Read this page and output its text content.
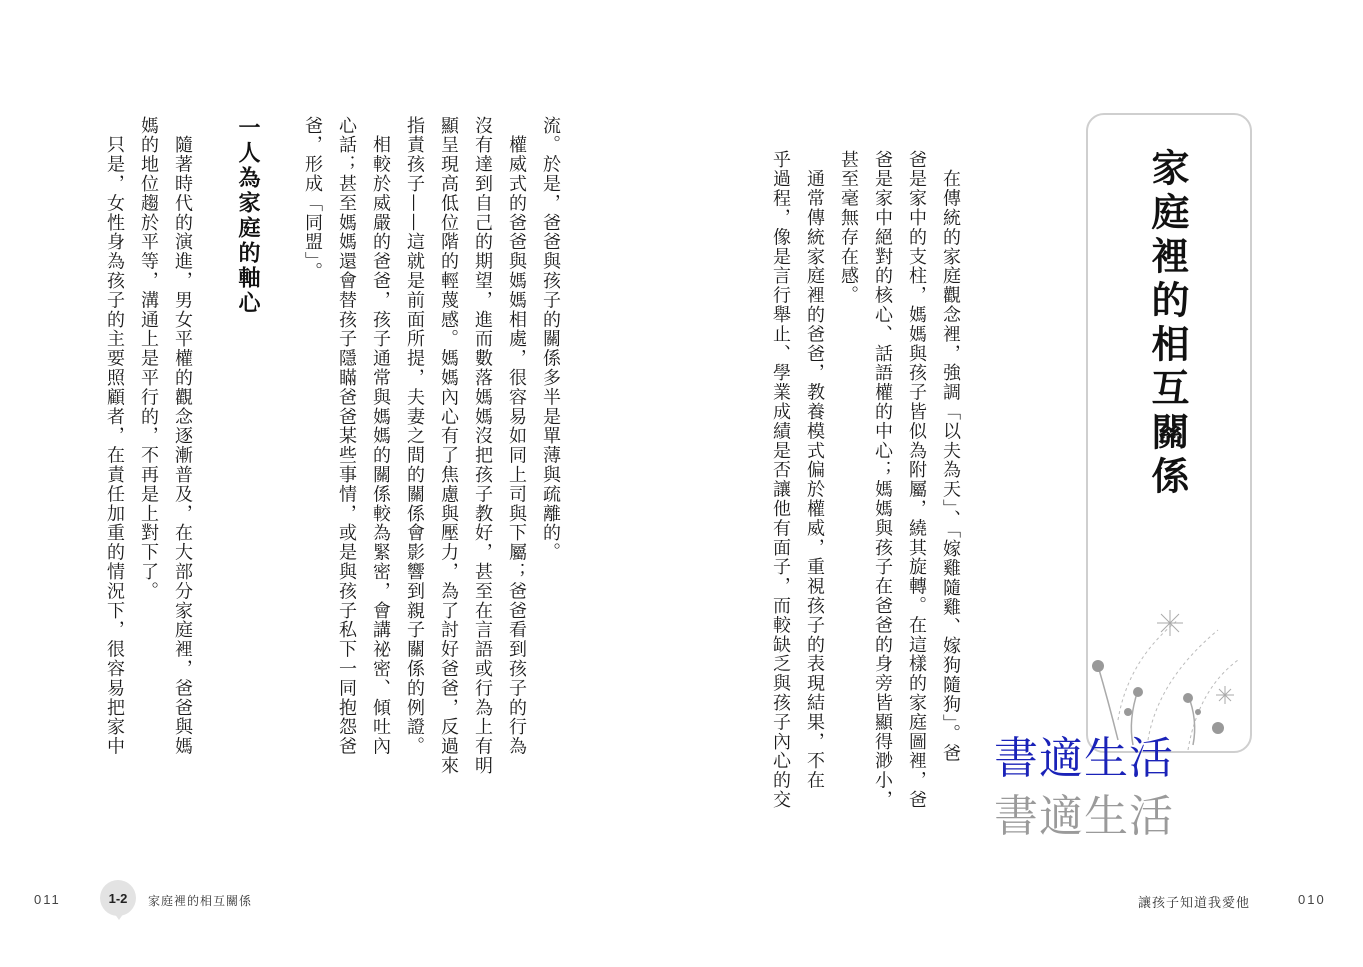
家庭裡的相互關係

　在傳統的家庭觀念裡，強調「以夫為天」、「嫁雞隨雞、嫁狗隨狗」。爸

爸是家中的支柱，媽媽與孩子皆似為附屬，繞其旋轉。在這樣的家庭圖裡，爸

爸是家中絕對的核心、話語權的中心；媽媽與孩子在爸爸的身旁皆顯得渺小，

甚至毫無存在感。

　通常傳統家庭裡的爸爸，教養模式偏於權威，重視孩子的表現結果，不在

乎過程，像是言行舉止、學業成績是否讓他有面子，而較缺乏與孩子內心的交	書適生活
書適生活
讓孩子知道我愛他	010

流。於是，爸爸與孩子的關係多半是單薄與疏離的。

　權威式的爸爸與媽媽相處，很容易如同上司與下屬；爸爸看到孩子的行為

沒有達到自己的期望，進而數落媽媽沒把孩子教好，甚至在言語或行為上有明

顯呈現高低位階的輕蔑感。媽媽內心有了焦慮與壓力，為了討好爸爸，反過來

指責孩子——這就是前面所提，夫妻之間的關係會影響到親子關係的例證。

　相較於威嚴的爸爸，孩子通常與媽媽的關係較為緊密，會講祕密、傾吐內

心話；甚至媽媽還會替孩子隱瞞爸爸某些事情，或是與孩子私下一同抱怨爸

爸，形成「同盟」。

一人為家庭的軸心

　隨著時代的演進，男女平權的觀念逐漸普及，在大部分家庭裡，爸爸與媽

媽的地位趨於平等，溝通上是平行的，不再是上對下了。

　只是，女性身為孩子的主要照顧者，在責任加重的情況下，很容易把家中

011	1-2	家庭裡的相互關係
